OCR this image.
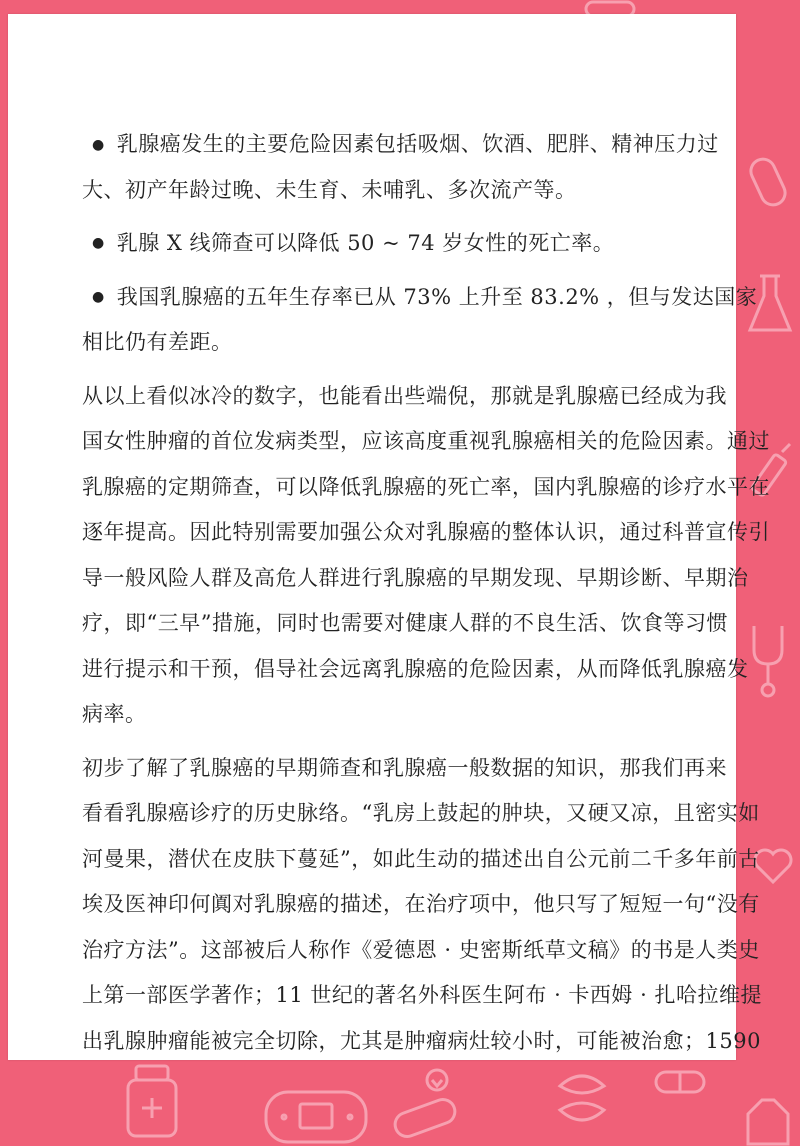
● 乳腺癌发生的主要危险因素包括吸烟、饮酒、肥胖、精神压力过
大、初产年龄过晚、未生育、未哺乳、多次流产等。
● 乳腺 X 线筛查可以降低 50 ~ 74 岁女性的死亡率。
● 我国乳腺癌的五年生存率已从 73% 上升至 83.2% ，但与发达国家
相比仍有差距。
从以上看似冰冷的数字，也能看出些端倪，那就是乳腺癌已经成为我
国女性肿瘤的首位发病类型，应该高度重视乳腺癌相关的危险因素。通过
乳腺癌的定期筛查，可以降低乳腺癌的死亡率，国内乳腺癌的诊疗水平在
逐年提高。因此特别需要加强公众对乳腺癌的整体认识，通过科普宣传引
导一般风险人群及高危人群进行乳腺癌的早期发现、早期诊断、早期治
疗，即“三早”措施，同时也需要对健康人群的不良生活、饮食等习惯
进行提示和干预，倡导社会远离乳腺癌的危险因素，从而降低乳腺癌发
病率。
初步了解了乳腺癌的早期筛查和乳腺癌一般数据的知识，那我们再来
看看乳腺癌诊疗的历史脉络。“乳房上鼓起的肿块，又硬又凉，且密实如
河曼果，潜伏在皮肤下蔓延”，如此生动的描述出自公元前二千多年前古
埃及医神印何阗对乳腺癌的描述，在治疗项中，他只写了短短一句“没有
治疗方法”。这部被后人称作《爱德恩 · 史密斯纸草文稿》的书是人类史
上第一部医学著作；11 世纪的著名外科医生阿布 · 卡西姆 · 扎哈拉维提
出乳腺肿瘤能被完全切除，尤其是肿瘤病灶较小时，可能被治愈；1590
